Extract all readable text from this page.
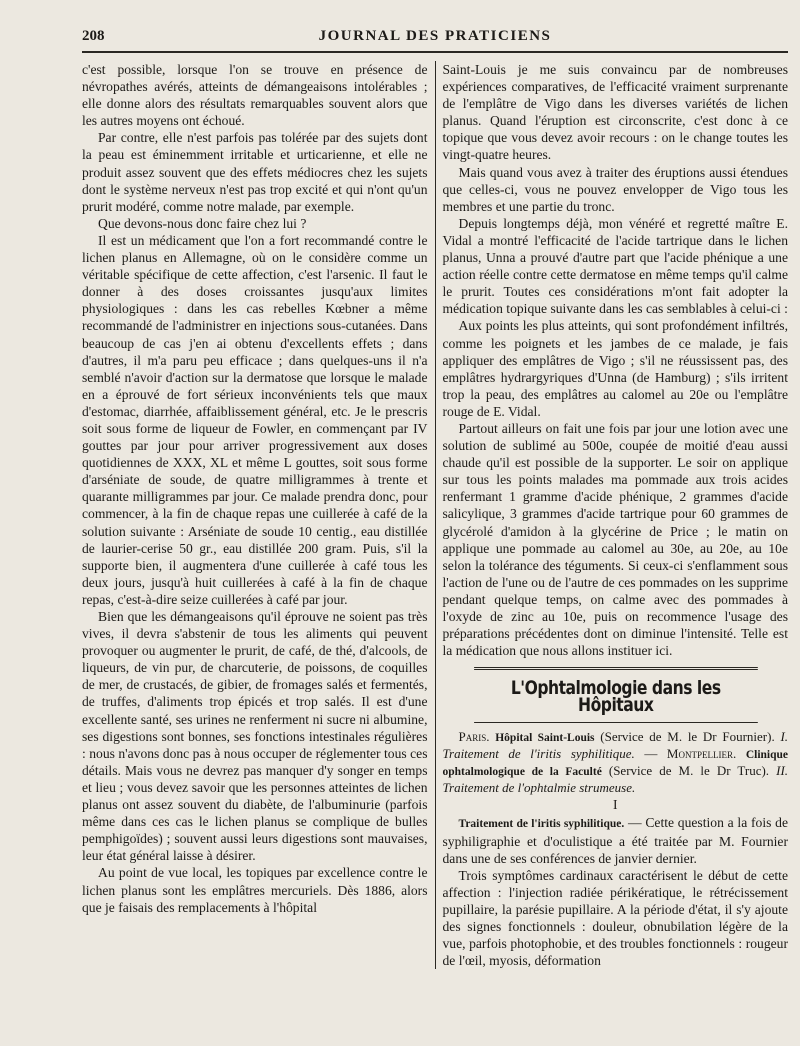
208	JOURNAL DES PRATICIENS

c'est possible, lorsque l'on se trouve en présence de névropathes avérés, atteints de démangeaisons intolérables ; elle donne alors des résultats remarquables souvent alors que les autres moyens ont échoué.

Par contre, elle n'est parfois pas tolérée par des sujets dont la peau est éminemment irritable et urticarienne, et elle ne produit assez souvent que des effets médiocres chez les sujets dont le système nerveux n'est pas trop excité et qui n'ont qu'un prurit modéré, comme notre malade, par exemple.

Que devons-nous donc faire chez lui ?

Il est un médicament que l'on a fort recommandé contre le lichen planus en Allemagne, où on le considère comme un véritable spécifique de cette affection, c'est l'arsenic. Il faut le donner à des doses croissantes jusqu'aux limites physiologiques : dans les cas rebelles Kœbner a même recommandé de l'administrer en injections sous-cutanées. Dans beaucoup de cas j'en ai obtenu d'excellents effets ; dans d'autres, il m'a paru peu efficace ; dans quelques-uns il n'a semblé n'avoir d'action sur la dermatose que lorsque le malade en a éprouvé de fort sérieux inconvénients tels que maux d'estomac, diarrhée, affaiblissement général, etc. Je le prescris soit sous forme de liqueur de Fowler, en commençant par IV gouttes par jour pour arriver progressivement aux doses quotidiennes de XXX, XL et même L gouttes, soit sous forme d'arséniate de soude, de quatre milligrammes à trente et quarante milligrammes par jour. Ce malade prendra donc, pour commencer, à la fin de chaque repas une cuillerée à café de la solution suivante : Arséniate de soude 10 centig., eau distillée de laurier-cerise 50 gr., eau distillée 200 gram. Puis, s'il la supporte bien, il augmentera d'une cuillerée à café tous les deux jours, jusqu'à huit cuillerées à café à la fin de chaque repas, c'est-à-dire seize cuillerées à café par jour.

Bien que les démangeaisons qu'il éprouve ne soient pas très vives, il devra s'abstenir de tous les aliments qui peuvent provoquer ou augmenter le prurit, de café, de thé, d'alcools, de liqueurs, de vin pur, de charcuterie, de poissons, de coquilles de mer, de crustacés, de gibier, de fromages salés et fermentés, de truffes, d'aliments trop épicés et trop salés. Il est d'une excellente santé, ses urines ne renferment ni sucre ni albumine, ses digestions sont bonnes, ses fonctions intestinales régulières : nous n'avons donc pas à nous occuper de réglementer tous ces détails. Mais vous ne devrez pas manquer d'y songer en temps et lieu ; vous devez savoir que les personnes atteintes de lichen planus ont assez souvent du diabète, de l'albuminurie (parfois même dans ces cas le lichen planus se complique de bulles pemphigoïdes) ; souvent aussi leurs digestions sont mauvaises, leur état général laisse à désirer.

Au point de vue local, les topiques par excellence contre le lichen planus sont les emplâtres mercuriels. Dès 1886, alors que je faisais des remplacements à l'hôpital

Saint-Louis je me suis convaincu par de nombreuses expériences comparatives, de l'efficacité vraiment surprenante de l'emplâtre de Vigo dans les diverses variétés de lichen planus. Quand l'éruption est circonscrite, c'est donc à ce topique que vous devez avoir recours : on le change toutes les vingt-quatre heures.

Mais quand vous avez à traiter des éruptions aussi étendues que celles-ci, vous ne pouvez envelopper de Vigo tous les membres et une partie du tronc.

Depuis longtemps déjà, mon vénéré et regretté maître E. Vidal a montré l'efficacité de l'acide tartrique dans le lichen planus, Unna a prouvé d'autre part que l'acide phénique a une action réelle contre cette dermatose en même temps qu'il calme le prurit. Toutes ces considérations m'ont fait adopter la médication topique suivante dans les cas semblables à celui-ci :

Aux points les plus atteints, qui sont profondément infiltrés, comme les poignets et les jambes de ce malade, je fais appliquer des emplâtres de Vigo ; s'il ne réussissent pas, des emplâtres hydrargyriques d'Unna (de Hamburg) ; s'ils irritent trop la peau, des emplâtres au calomel au 20e ou l'emplâtre rouge de E. Vidal.

Partout ailleurs on fait une fois par jour une lotion avec une solution de sublimé au 500e, coupée de moitié d'eau aussi chaude qu'il est possible de la supporter. Le soir on applique sur tous les points malades ma pommade aux trois acides renfermant 1 gramme d'acide phénique, 2 grammes d'acide salicylique, 3 grammes d'acide tartrique pour 60 grammes de glycérolé d'amidon à la glycérine de Price ; le matin on applique une pommade au calomel au 30e, au 20e, au 10e selon la tolérance des téguments. Si ceux-ci s'enflamment sous l'action de l'une ou de l'autre de ces pommades on les supprime pendant quelque temps, on calme avec des pommades à l'oxyde de zinc au 10e, puis on recommence l'usage des préparations précédentes dont on diminue l'intensité. Telle est la médication que nous allons instituer ici.

L'Ophtalmologie dans les Hôpitaux

Paris. Hôpital Saint-Louis (Service de M. le Dr Fournier). I. Traitement de l'iritis syphilitique. — Montpellier. Clinique ophtalmologique de la Faculté (Service de M. le Dr Truc). II. Traitement de l'ophtalmie strumeuse.

I

Traitement de l'iritis syphilitique. — Cette question a la fois de syphiligraphie et d'oculistique a été traitée par M. Fournier dans une de ses conférences de janvier dernier.

Trois symptômes cardinaux caractérisent le début de cette affection : l'injection radiée périkératique, le rétrécissement pupillaire, la parésie pupillaire. A la période d'état, il s'y ajoute des signes fonctionnels : douleur, obnubilation légère de la vue, parfois photophobie, et des troubles fonctionnels : rougeur de l'œil, myosis, déformation
